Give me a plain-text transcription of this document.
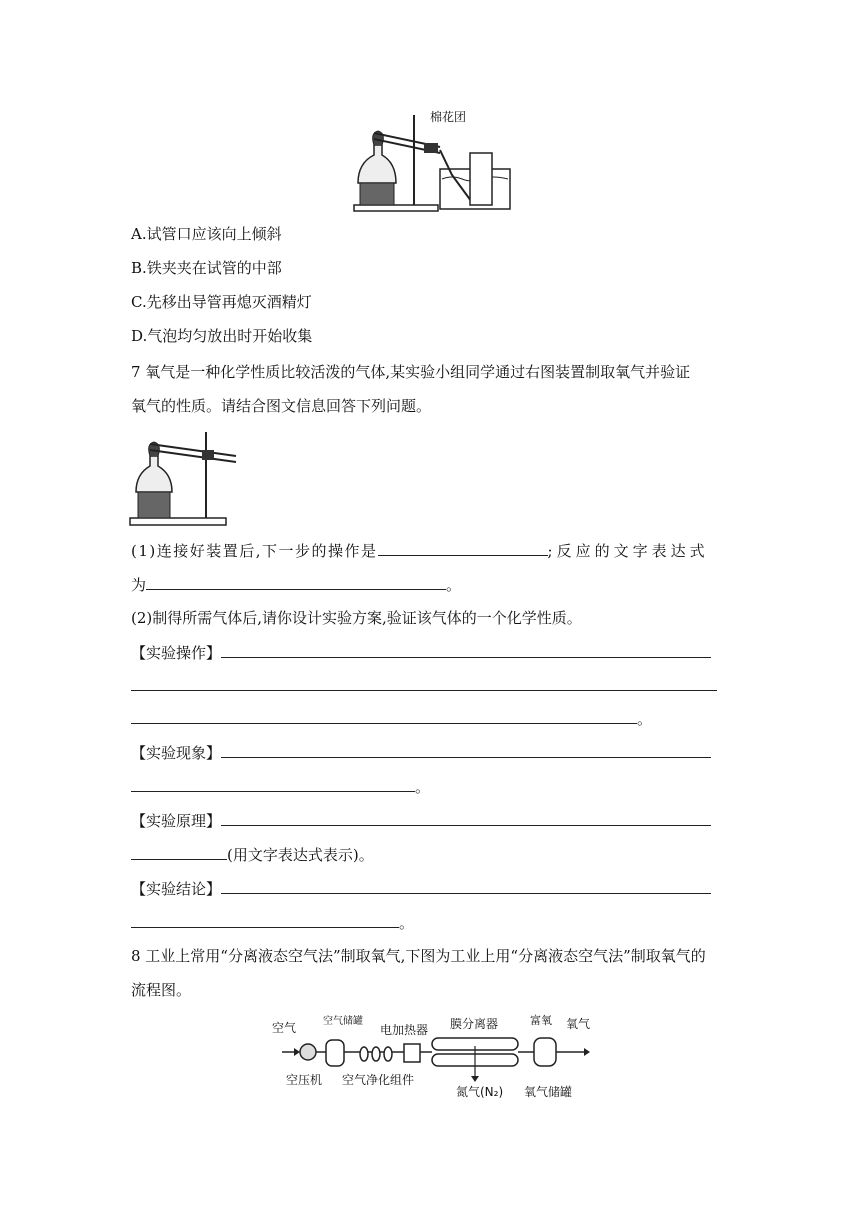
棉花团
A.试管口应该向上倾斜
B.铁夹夹在试管的中部
C.先移出导管再熄灭酒精灯
D.气泡均匀放出时开始收集
7 氧气是一种化学性质比较活泼的气体,某实验小组同学通过右图装置制取氧气并验证
氧气的性质。请结合图文信息回答下列问题。
(1)连接好装置后,下一步的操作是	;反应的文字表达式
为	。
(2)制得所需气体后,请你设计实验方案,验证该气体的一个化学性质。
【实验操作】
。
【实验现象】
。
【实验原理】
(用文字表达式表示)。
【实验结论】
。
8 工业上常用“分离液态空气法”制取氧气,下图为工业上用“分离液态空气法”制取氧气的
流程图。
空气	空气储罐
电加热器 膜分离器	富氧 氧气
空压机 空气净化组件
氮气(N₂) 氧气储罐
